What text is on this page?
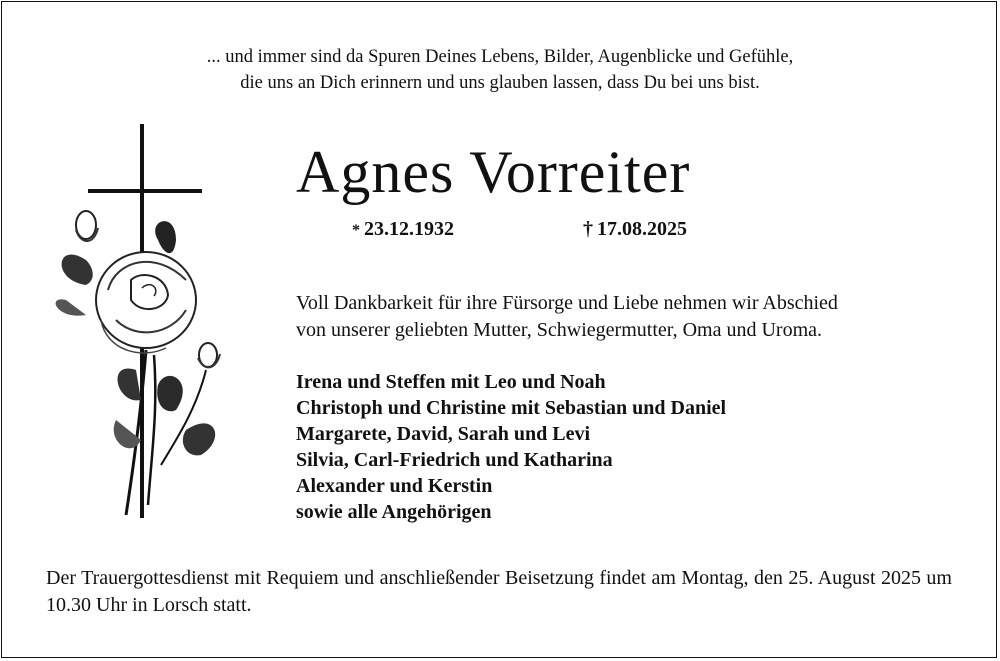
... und immer sind da Spuren Deines Lebens, Bilder, Augenblicke und Gefühle,
die uns an Dich erinnern und uns glauben lassen, dass Du bei uns bist.
Agnes Vorreiter
* 23.12.1932	† 17.08.2025
Voll Dankbarkeit für ihre Fürsorge und Liebe nehmen wir Abschied
von unserer geliebten Mutter, Schwiegermutter, Oma und Uroma.
Irena und Steffen mit Leo und Noah
Christoph und Christine mit Sebastian und Daniel
Margarete, David, Sarah und Levi
Silvia, Carl-Friedrich und Katharina
Alexander und Kerstin
sowie alle Angehörigen
Der Trauergottesdienst mit Requiem und anschließender Beisetzung findet am Montag, den 25. August 2025 um 10.30 Uhr in Lorsch statt.
